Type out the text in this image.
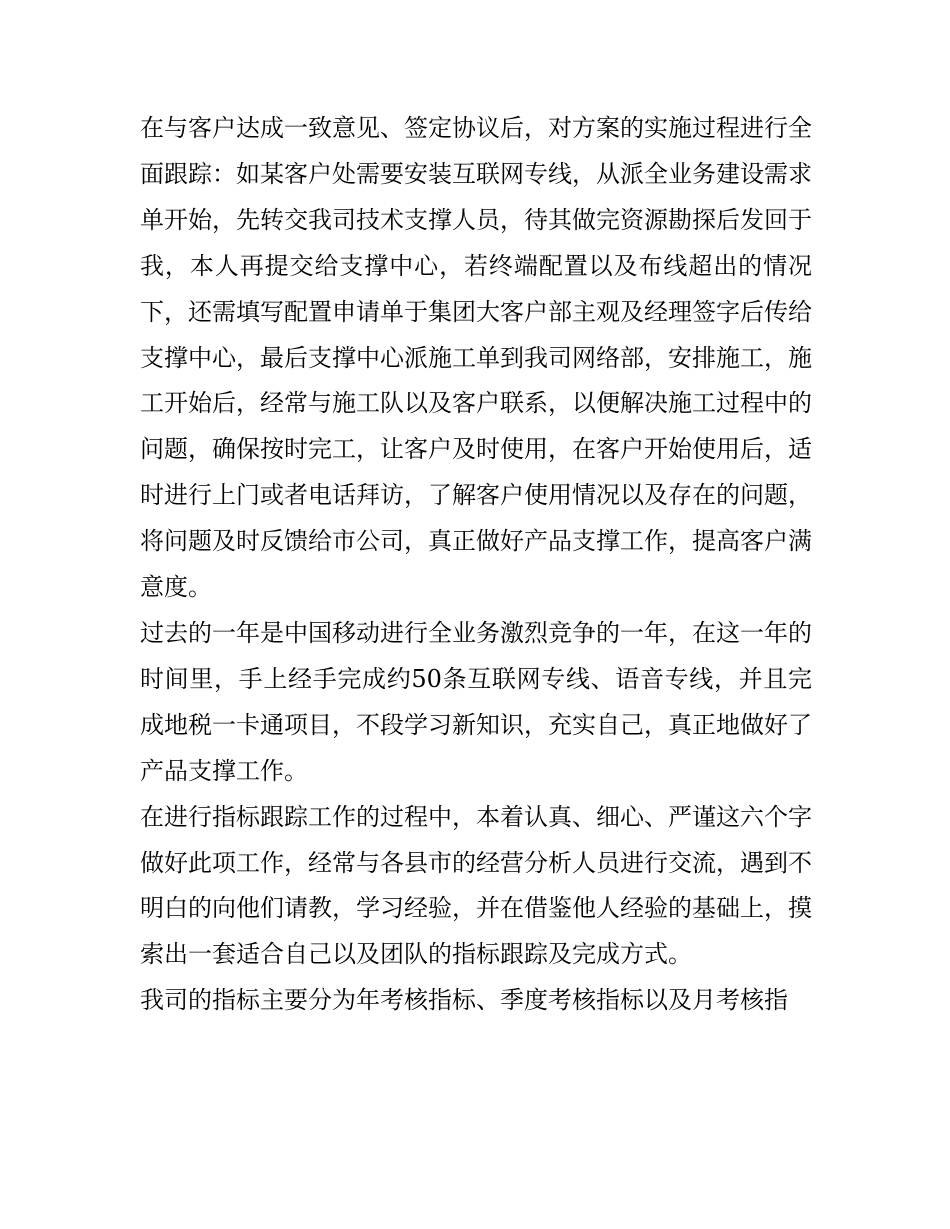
在与客户达成一致意见、签定协议后，对方案的实施过程进行全面跟踪：如某客户处需要安装互联网专线，从派全业务建设需求单开始，先转交我司技术支撑人员，待其做完资源勘探后发回于我，本人再提交给支撑中心，若终端配置以及布线超出的情况下，还需填写配置申请单于集团大客户部主观及经理签字后传给支撑中心，最后支撑中心派施工单到我司网络部，安排施工，施工开始后，经常与施工队以及客户联系，以便解决施工过程中的问题，确保按时完工，让客户及时使用，在客户开始使用后，适时进行上门或者电话拜访，了解客户使用情况以及存在的问题，将问题及时反馈给市公司，真正做好产品支撑工作，提高客户满意度。

过去的一年是中国移动进行全业务激烈竞争的一年，在这一年的时间里，手上经手完成约50条互联网专线、语音专线，并且完成地税一卡通项目，不段学习新知识，充实自己，真正地做好了产品支撑工作。

在进行指标跟踪工作的过程中，本着认真、细心、严谨这六个字做好此项工作，经常与各县市的经营分析人员进行交流，遇到不明白的向他们请教，学习经验，并在借鉴他人经验的基础上，摸索出一套适合自己以及团队的指标跟踪及完成方式。

我司的指标主要分为年考核指标、季度考核指标以及月考核指
